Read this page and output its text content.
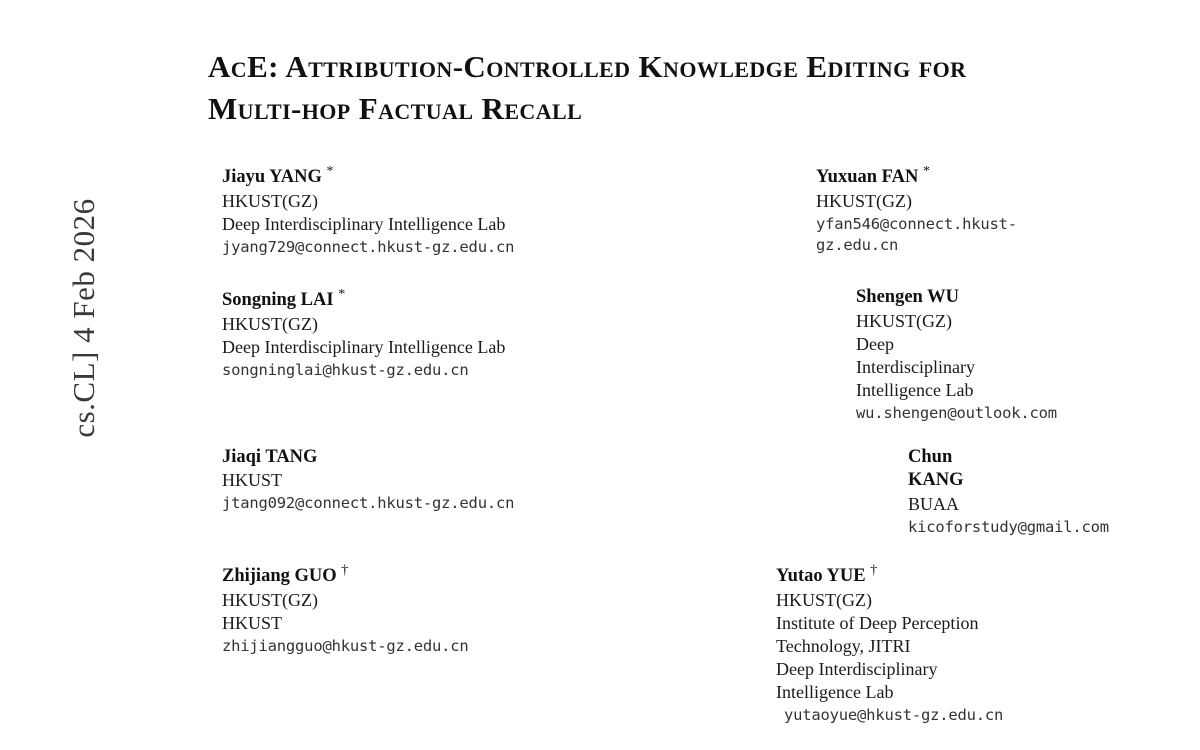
cs.CL] 4 Feb 2026
AcE: Attribution-Controlled Knowledge Editing for Multi-hop Factual Recall
Jiayu YANG *
HKUST(GZ)
Deep Interdisciplinary Intelligence Lab
jyang729@connect.hkust-gz.edu.cn
Yuxuan FAN *
HKUST(GZ)
yfan546@connect.hkust-gz.edu.cn
Songning LAI *
HKUST(GZ)
Deep Interdisciplinary Intelligence Lab
songninglai@hkust-gz.edu.cn
Shengen WU
HKUST(GZ)
Deep Interdisciplinary Intelligence Lab
wu.shengen@outlook.com
Jiaqi TANG
HKUST
jtang092@connect.hkust-gz.edu.cn
Chun KANG
BUAA
kicoforstudy@gmail.com
Zhijiang GUO †
HKUST(GZ)
HKUST
zhijiangguo@hkust-gz.edu.cn
Yutao YUE †
HKUST(GZ)
Institute of Deep Perception Technology, JITRI
Deep Interdisciplinary Intelligence Lab
yutaoyue@hkust-gz.edu.cn
